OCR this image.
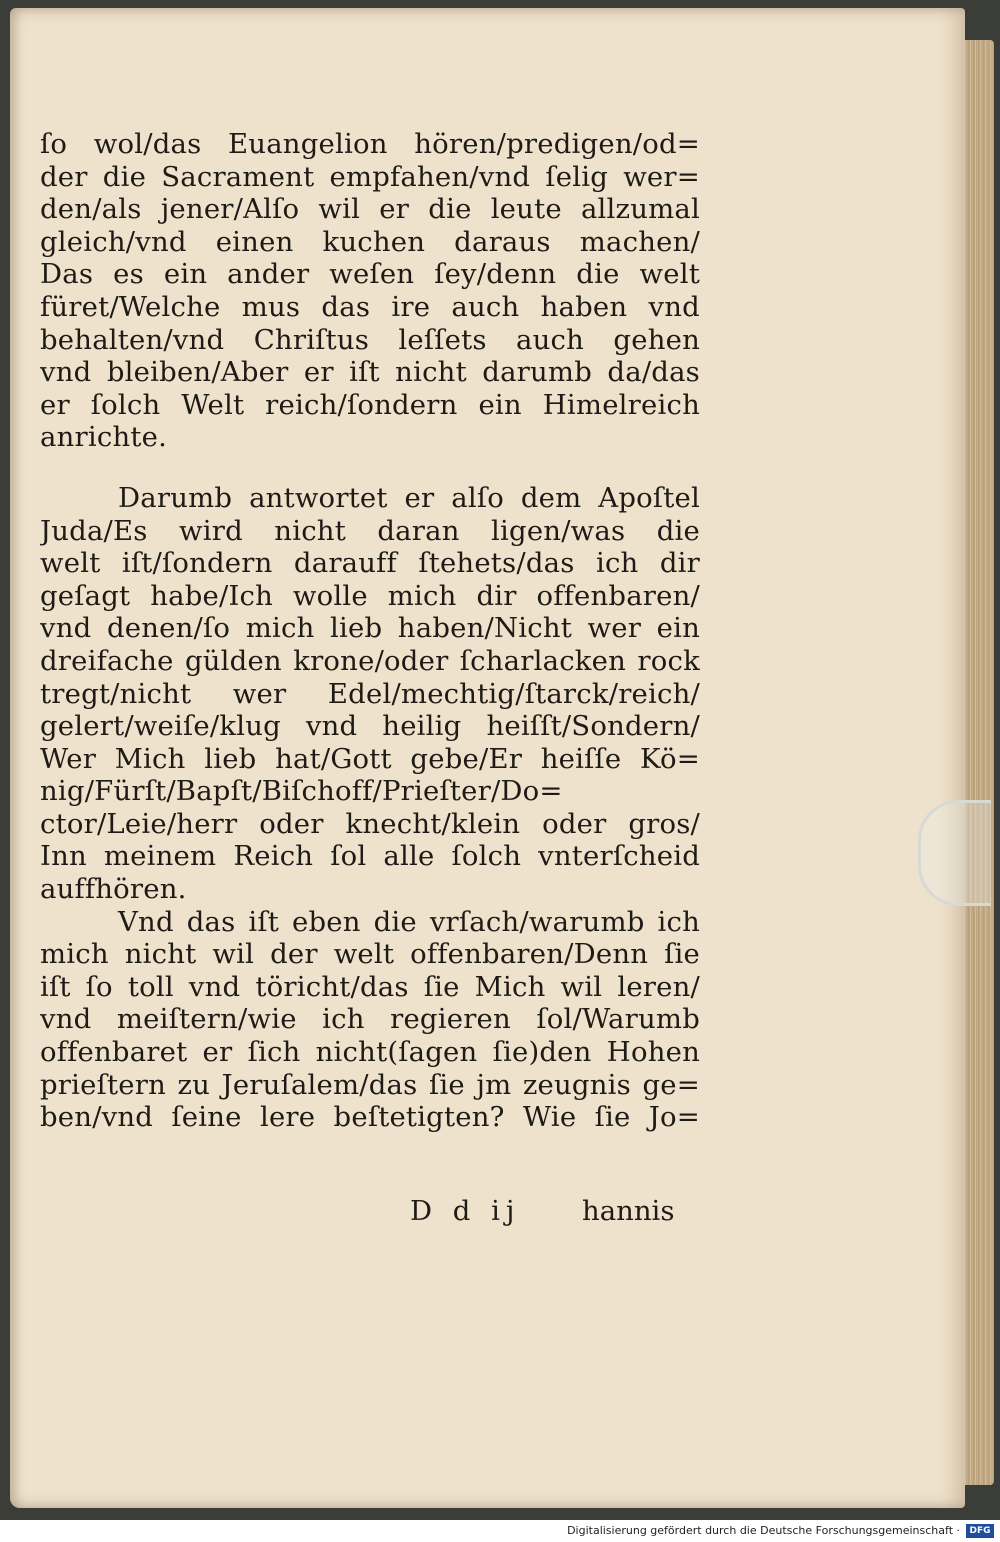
ſo wol/das Euangelion hören/predigen/od=
der die Sacrament empfahen/vnd ſelig wer=
den/als jener/Alſo wil er die leute allzumal
gleich/vnd einen kuchen daraus machen/
Das es ein ander weſen ſey/denn die welt
füret/Welche mus das ire auch haben vnd
behalten/vnd Chriſtus leſſets auch gehen
vnd bleiben/Aber er iſt nicht darumb da/das
er ſolch Welt reich/ſondern ein Himelreich
anrichte.
Darumb antwortet er alſo dem Apoſtel
Juda/Es wird nicht daran ligen/was die
welt iſt/ſondern darauff ſtehets/das ich dir
geſagt habe/Ich wolle mich dir offenbaren/
vnd denen/ſo mich lieb haben/Nicht wer ein
dreifache gülden krone/oder ſcharlacken rock
tregt/nicht wer Edel/mechtig/ſtarck/reich/
gelert/weiſe/klug vnd heilig heiſſt/Sondern/
Wer Mich lieb hat/Gott gebe/Er heiſſe Kö=
nig/Fürſt/Bapſt/Biſchoff/Prieſter/Do=
ctor/Leie/herr oder knecht/klein oder gros/
Inn meinem Reich ſol alle ſolch vnterſcheid
auffhören.
Vnd das iſt eben die vrſach/warumb ich
mich nicht wil der welt offenbaren/Denn ſie
iſt ſo toll vnd töricht/das ſie Mich wil leren/
vnd meiſtern/wie ich regieren ſol/Warumb
offenbaret er ſich nicht(ſagen ſie)den Hohen
prieſtern zu Jeruſalem/das ſie jm zeugnis ge=
ben/vnd ſeine lere beſtetigten? Wie ſie Jo=
D d ij	hannis
Digitalisierung gefördert durch die Deutsche Forschungsgemeinschaft ·	DFG
